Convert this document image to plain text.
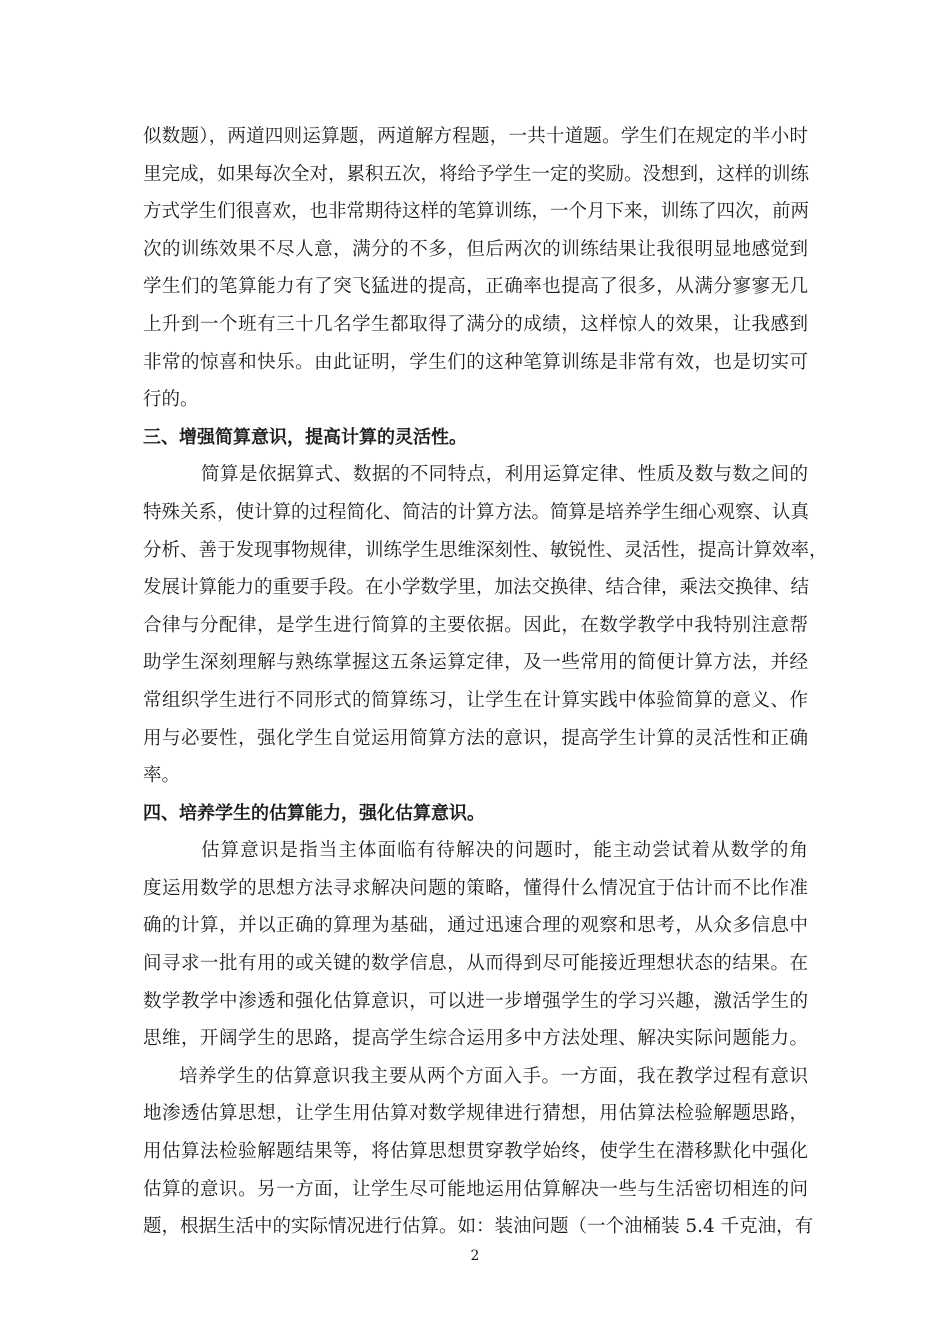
似数题），两道四则运算题，两道解方程题，一共十道题。学生们在规定的半小时
里完成，如果每次全对，累积五次，将给予学生一定的奖励。没想到，这样的训练
方式学生们很喜欢，也非常期待这样的笔算训练，一个月下来，训练了四次，前两
次的训练效果不尽人意，满分的不多，但后两次的训练结果让我很明显地感觉到
学生们的笔算能力有了突飞猛进的提高，正确率也提高了很多，从满分寥寥无几
上升到一个班有三十几名学生都取得了满分的成绩，这样惊人的效果，让我感到
非常的惊喜和快乐。由此证明，学生们的这种笔算训练是非常有效，也是切实可
行的。
三、增强简算意识，提高计算的灵活性。
简算是依据算式、数据的不同特点，利用运算定律、性质及数与数之间的
特殊关系，使计算的过程简化、简洁的计算方法。简算是培养学生细心观察、认真
分析、善于发现事物规律，训练学生思维深刻性、敏锐性、灵活性，提高计算效率，
发展计算能力的重要手段。在小学数学里，加法交换律、结合律，乘法交换律、结
合律与分配律，是学生进行简算的主要依据。因此，在数学教学中我特别注意帮
助学生深刻理解与熟练掌握这五条运算定律，及一些常用的简便计算方法，并经
常组织学生进行不同形式的简算练习，让学生在计算实践中体验简算的意义、作
用与必要性，强化学生自觉运用简算方法的意识，提高学生计算的灵活性和正确
率。
四、培养学生的估算能力，强化估算意识。
估算意识是指当主体面临有待解决的问题时，能主动尝试着从数学的角
度运用数学的思想方法寻求解决问题的策略，懂得什么情况宜于估计而不比作准
确的计算，并以正确的算理为基础，通过迅速合理的观察和思考，从众多信息中
间寻求一批有用的或关键的数学信息，从而得到尽可能接近理想状态的结果。在
数学教学中渗透和强化估算意识，可以进一步增强学生的学习兴趣，激活学生的
思维，开阔学生的思路，提高学生综合运用多中方法处理、解决实际问题能力。
培养学生的估算意识我主要从两个方面入手。一方面，我在教学过程有意识
地渗透估算思想，让学生用估算对数学规律进行猜想，用估算法检验解题思路，
用估算法检验解题结果等，将估算思想贯穿教学始终，使学生在潜移默化中强化
估算的意识。另一方面，让学生尽可能地运用估算解决一些与生活密切相连的问
题，根据生活中的实际情况进行估算。如：装油问题（一个油桶装 5.4 千克油，有
2
